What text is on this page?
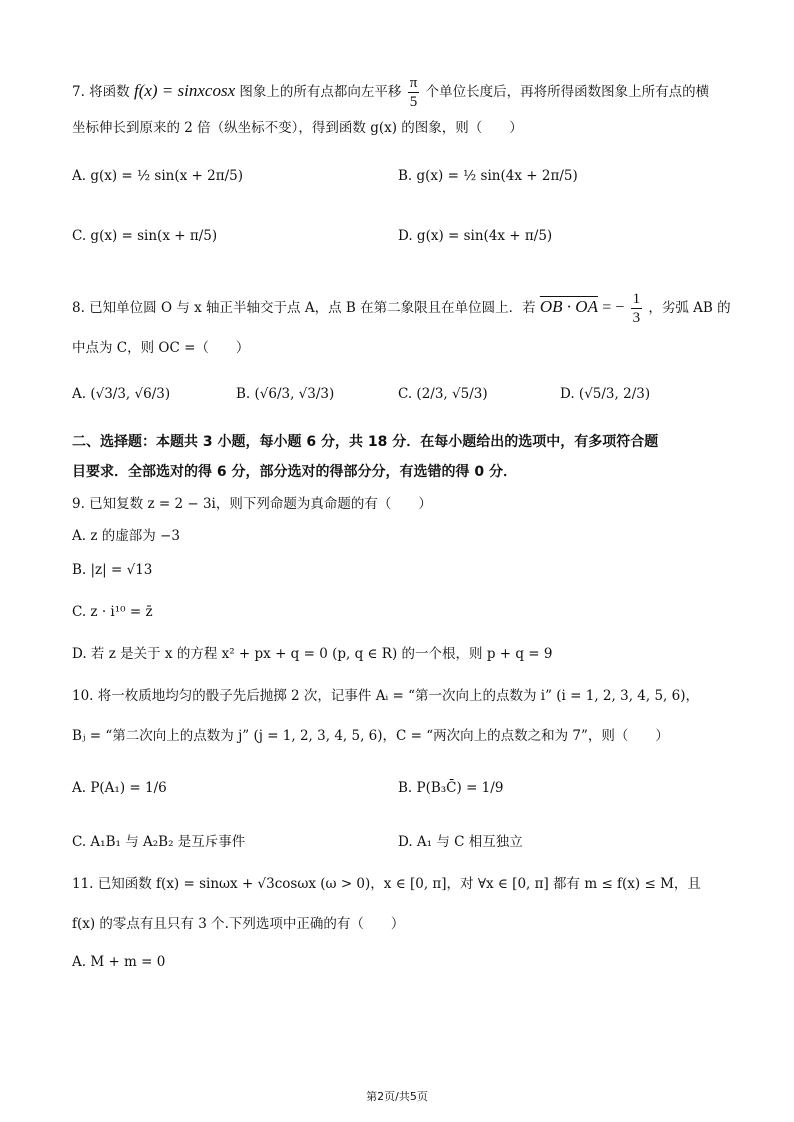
7. 将函数 f(x) = sinxcosx 图象上的所有点都向左平移 $\frac{\pi}{5}$ 个单位长度后，再将所得函数图象上所有点的横
坐标伸长到原来的 2 倍（纵坐标不变），得到函数 g(x) 的图象，则（　　）
A. g(x) = ½ sin(x + 2π/5)	B. g(x) = ½ sin(4x + 2π/5)
C. g(x) = sin(x + π/5)	D. g(x) = sin(4x + π/5)
8. 已知单位圆 O 与 x 轴正半轴交于点 A，点 B 在第二象限且在单位圆上．若 OB · OA = − $\frac{1}{3}$ ，劣弧 AB 的
中点为 C，则 OC =（　　）
A. (√3/3, √6/3)	B. (√6/3, √3/3)	C. (2/3, √5/3)	D. (√5/3, 2/3)
二、选择题：本题共 3 小题，每小题 6 分，共 18 分．在每小题给出的选项中，有多项符合题
目要求．全部选对的得 6 分，部分选对的得部分分，有选错的得 0 分．
9. 已知复数 z = 2 − 3i，则下列命题为真命题的有（　　）
A. z 的虚部为 −3
B. |z| = √13
C. z · i¹⁰ = z̄
D. 若 z 是关于 x 的方程 x² + px + q = 0 (p, q ∈ R) 的一个根，则 p + q = 9
10. 将一枚质地均匀的骰子先后抛掷 2 次，记事件 Aᵢ = “第一次向上的点数为 i” (i = 1, 2, 3, 4, 5, 6)，
Bⱼ = “第二次向上的点数为 j” (j = 1, 2, 3, 4, 5, 6)，C = “两次向上的点数之和为 7”，则（　　）
A. P(A₁) = 1/6	B. P(B₃C̄) = 1/9
C. A₁B₁ 与 A₂B₂ 是互斥事件	D. A₁ 与 C 相互独立
11. 已知函数 f(x) = sinωx + √3cosωx (ω > 0)，x ∈ [0, π]，对 ∀x ∈ [0, π] 都有 m ≤ f(x) ≤ M，且
f(x) 的零点有且只有 3 个.下列选项中正确的有（　　）
A. M + m = 0
第2页/共5页
